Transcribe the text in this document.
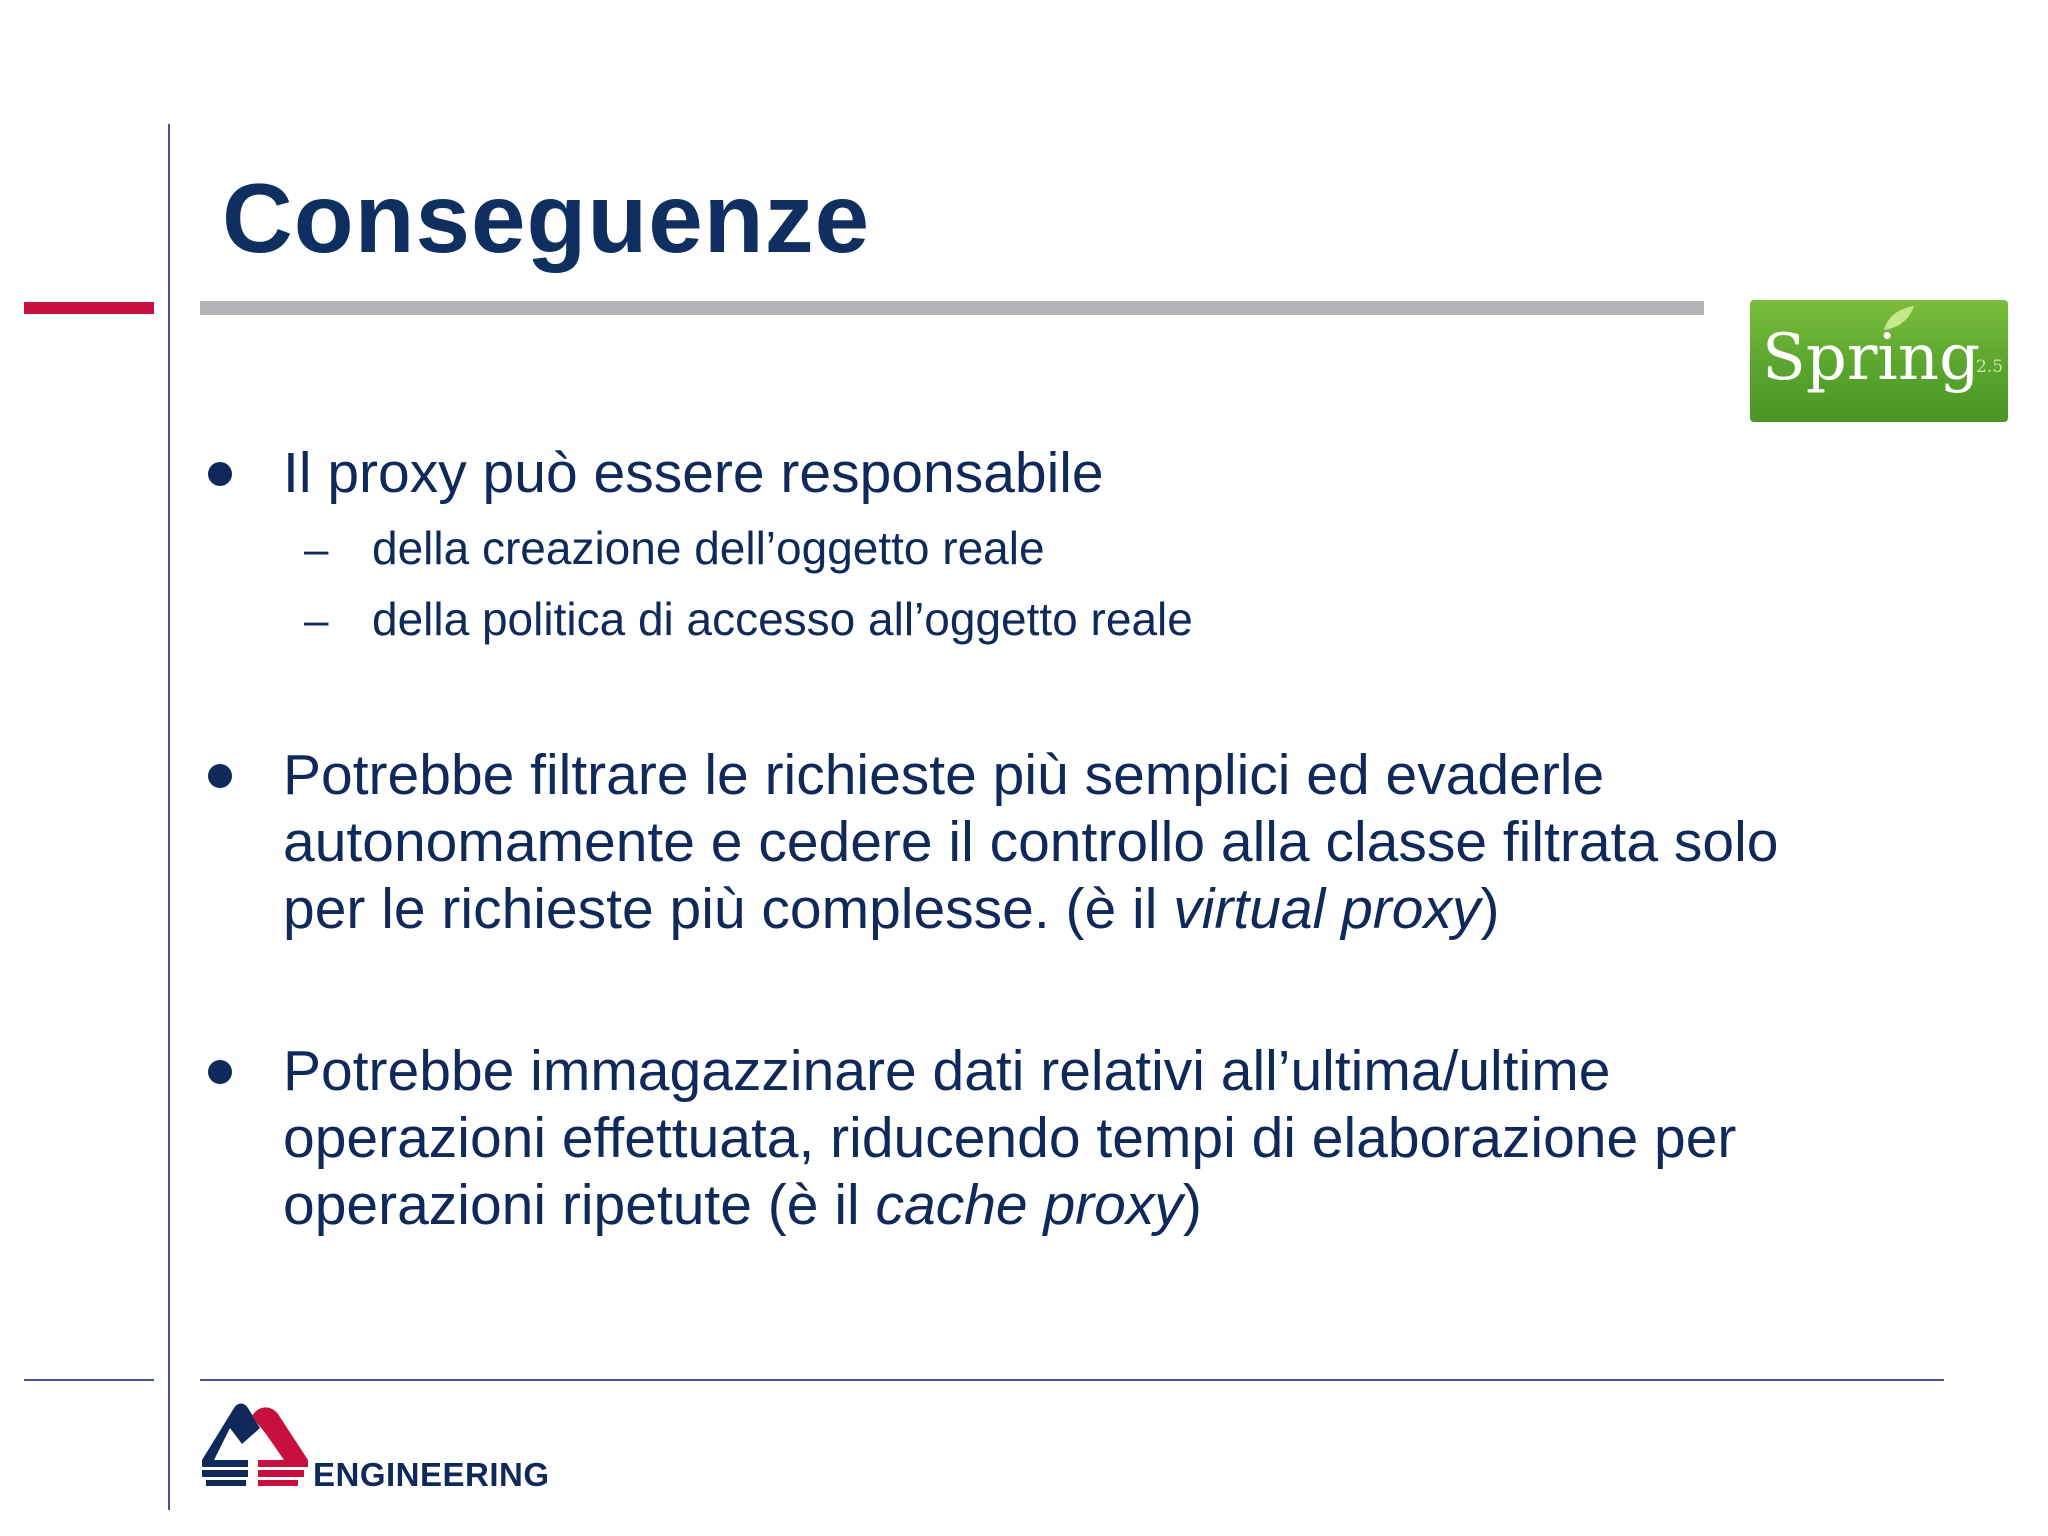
Conseguenze
Spring
2.5
Il proxy può essere responsabile
– della creazione dell’oggetto reale
– della politica di accesso all’oggetto reale
Potrebbe filtrare le richieste più semplici ed evaderle
autonomamente e cedere il controllo alla classe filtrata solo
per le richieste più complesse. (è il virtual proxy)
Potrebbe immagazzinare dati relativi all’ultima/ultime
operazioni effettuata, riducendo tempi di elaborazione per
operazioni ripetute (è il cache proxy)
ENGINEERING
